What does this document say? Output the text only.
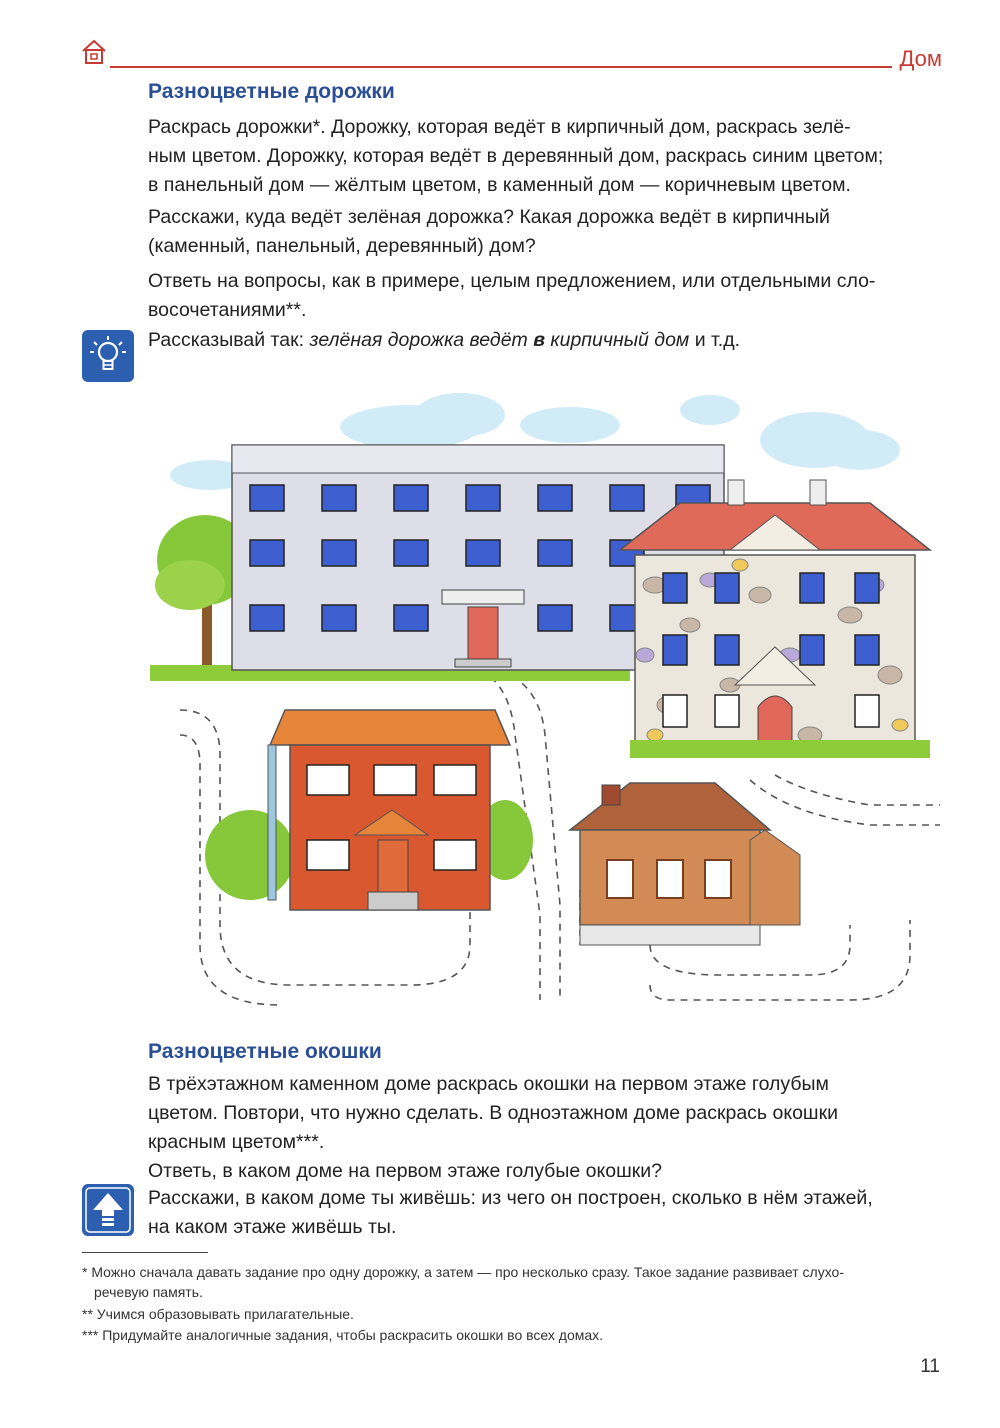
Дом
Разноцветные дорожки

Раскрась дорожки*. Дорожку, которая ведёт в кирпичный дом, раскрась зелё-
ным цветом. Дорожку, которая ведёт в деревянный дом, раскрась синим цветом;
в панельный дом — жёлтым цветом, в каменный дом — коричневым цветом.

Расскажи, куда ведёт зелёная дорожка? Какая дорожка ведёт в кирпичный
(каменный, панельный, деревянный) дом?

Ответь на вопросы, как в примере, целым предложением, или отдельными сло-
восочетаниями**.

Рассказывай так: зелёная дорожка ведёт в кирпичный дом и т.д.

Разноцветные окошки

В трёхэтажном каменном доме раскрась окошки на первом этаже голубым
цветом. Повтори, что нужно сделать. В одноэтажном доме раскрась окошки
красным цветом***.
Ответь, в каком доме на первом этаже голубые окошки?

Расскажи, в каком доме ты живёшь: из чего он построен, сколько в нём этажей,
на каком этаже живёшь ты.

* Можно сначала давать задание про одну дорожку, а затем — про несколько сразу. Такое задание развивает слухо-
речевую память.

** Учимся образовывать прилагательные.

*** Придумайте аналогичные задания, чтобы раскрасить окошки во всех домах.

11
